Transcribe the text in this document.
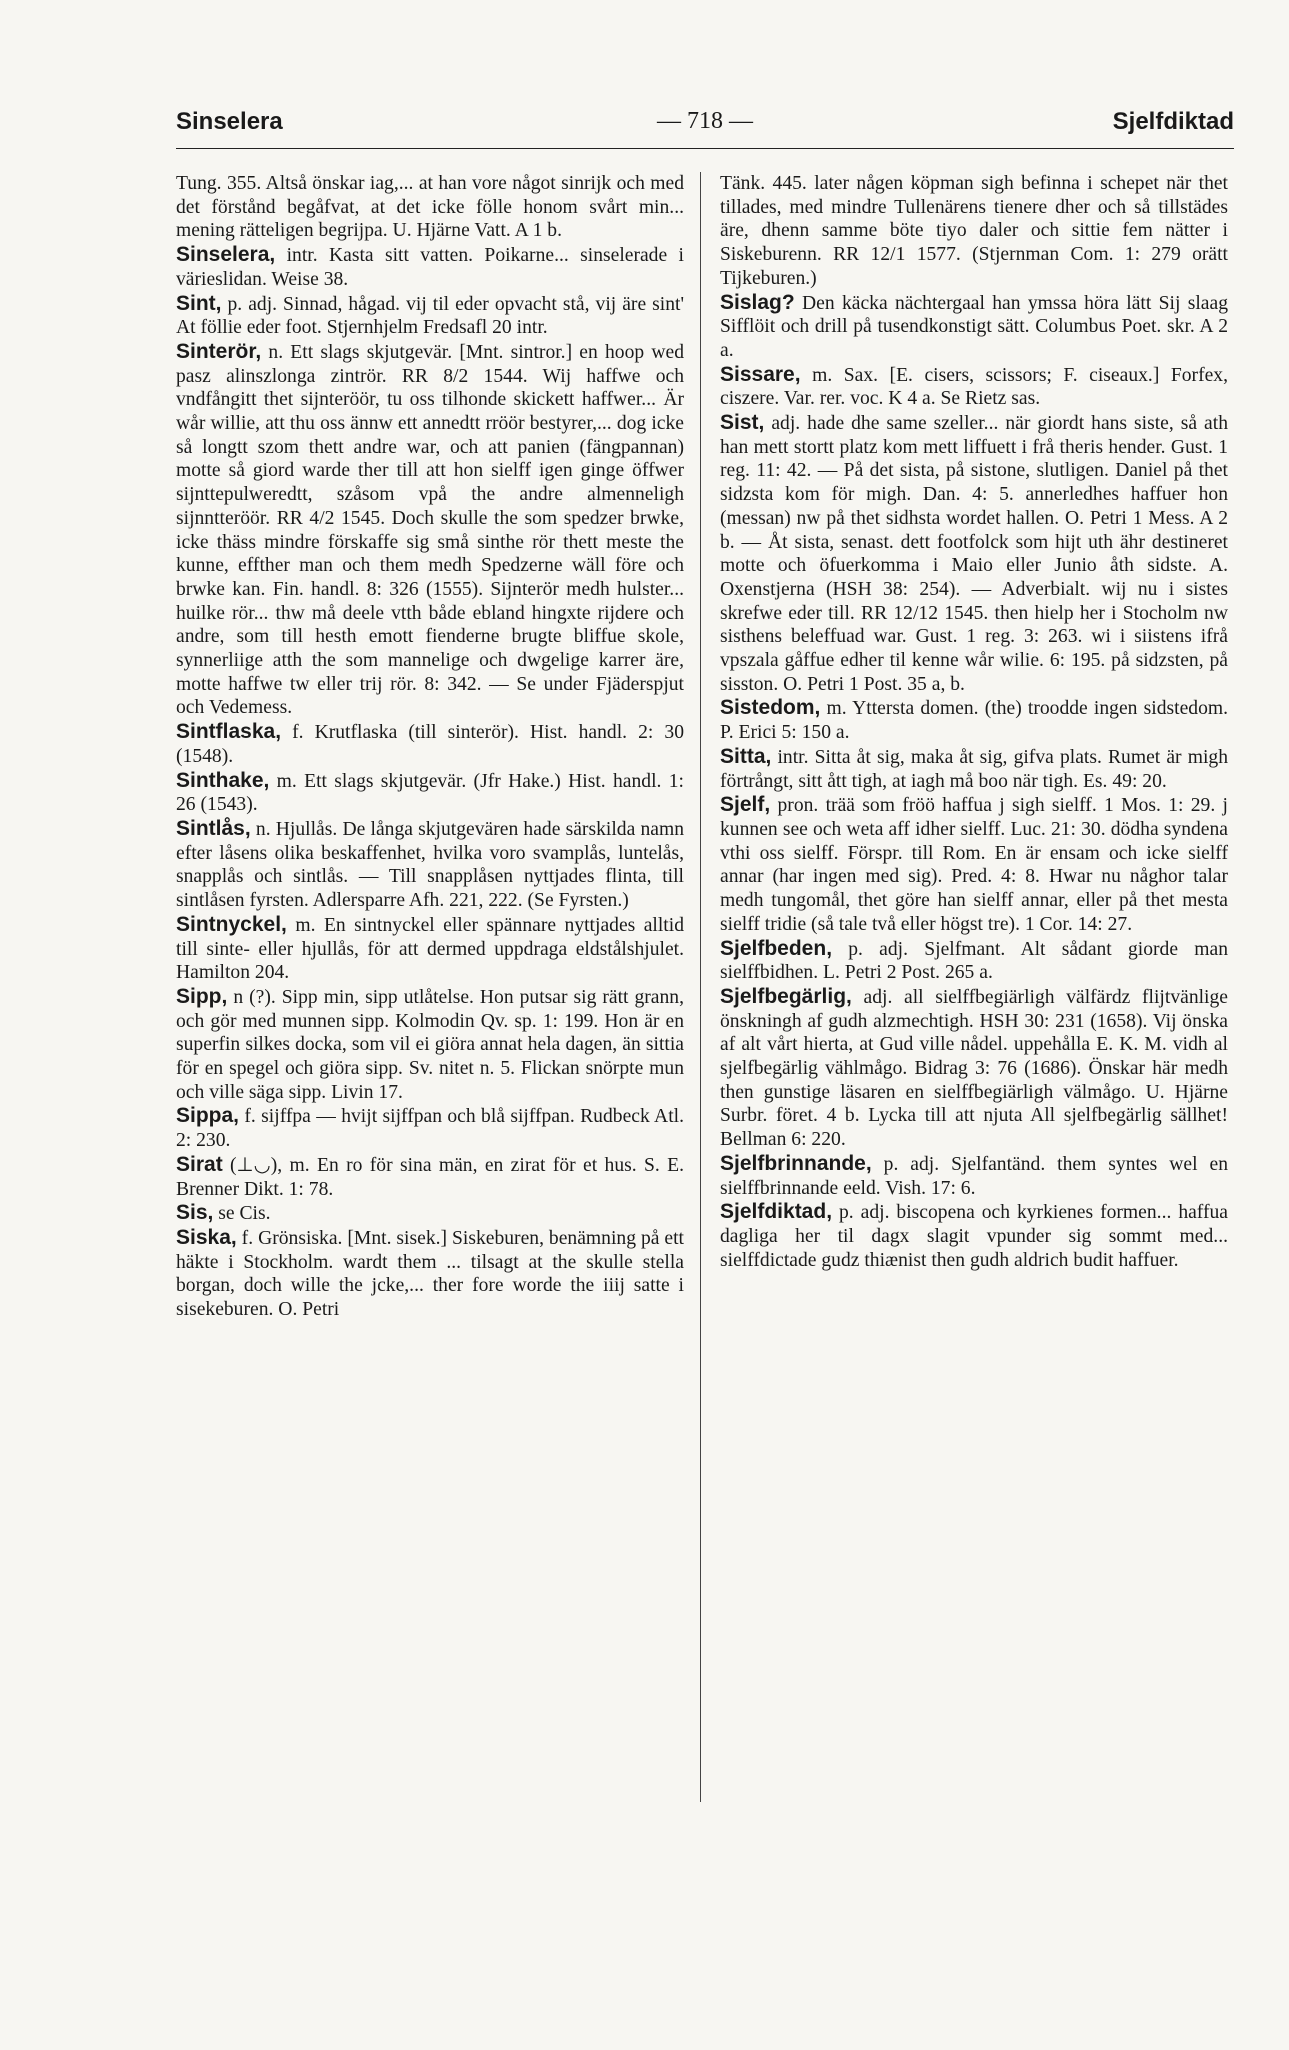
— 718 —
Sinselera	Sjelfdiktad

Tung. 355. Altså önskar iag,... at han vore något sinrijk och med det förstånd begåfvat, at det icke fölle honom svårt min... mening rätteligen begrijpa. U. Hjärne Vatt. A 1 b.

Sinselera, intr. Kasta sitt vatten. Poikarne... sinselerade i värieslidan. Weise 38.

Sint, p. adj. Sinnad, hågad. vij til eder opvacht stå, vij äre sint' At föllie eder foot. Stjernhjelm Fredsafl 20 intr.

Sinterör, n. Ett slags skjutgevär. [Mnt. sintror.] en hoop wed pasz alinszlonga zintrör. RR 8/2 1544. Wij haffwe och vndfångitt thet sijnteröör, tu oss tilhonde skickett haffwer... Är wår willie, att thu oss ännw ett annedtt rröör bestyrer,... dog icke så longtt szom thett andre war, och att panien (fängpannan) motte så giord warde ther till att hon sielff igen ginge öffwer sijnttepulweredtt, szåsom vpå the andre almenneligh sijnntteröör. RR 4/2 1545. Doch skulle the som spedzer brwke, icke thäss mindre förskaffe sig små sinthe rör thett meste the kunne, effther man och them medh Spedzerne wäll före och brwke kan. Fin. handl. 8: 326 (1555). Sijnterör medh hulster... huilke rör... thw må deele vtth både ebland hingxte rijdere och andre, som till hesth emott fienderne brugte bliffue skole, synnerliige atth the som mannelige och dwgelige karrer äre, motte haffwe tw eller trij rör. 8: 342. — Se under Fjäderspjut och Vedemess.

Sintflaska, f. Krutflaska (till sinterör). Hist. handl. 2: 30 (1548).

Sinthake, m. Ett slags skjutgevär. (Jfr Hake.) Hist. handl. 1: 26 (1543).

Sintlås, n. Hjullås. De långa skjutgevären hade särskilda namn efter låsens olika beskaffenhet, hvilka voro svamplås, luntelås, snapplås och sintlås. — Till snapplåsen nyttjades flinta, till sintlåsen fyrsten. Adlersparre Afh. 221, 222. (Se Fyrsten.)

Sintnyckel, m. En sintnyckel eller spännare nyttjades alltid till sinte- eller hjullås, för att dermed uppdraga eldstålshjulet. Hamilton 204.

Sipp, n (?). Sipp min, sipp utlåtelse. Hon putsar sig rätt grann, och gör med munnen sipp. Kolmodin Qv. sp. 1: 199. Hon är en superfin silkes docka, som vil ei giöra annat hela dagen, än sittia för en spegel och giöra sipp. Sv. nitet n. 5. Flickan snörpte mun och ville säga sipp. Livin 17.

Sippa, f. sijffpa — hvijt sijffpan och blå sijffpan. Rudbeck Atl. 2: 230.

Sirat (⊥◡), m. En ro för sina män, en zirat för et hus. S. E. Brenner Dikt. 1: 78.

Sis, se Cis.

Siska, f. Grönsiska. [Mnt. sisek.] Siskeburen, benämning på ett häkte i Stockholm. wardt them ... tilsagt at the skulle stella borgan, doch wille the jcke,... ther fore worde the iiij satte i sisekeburen. O. Petri

Tänk. 445. later någen köpman sigh befinna i schepet när thet tillades, med mindre Tullenärens tienere dher och så tillstädes äre, dhenn samme böte tiyo daler och sittie fem nätter i Siskeburenn. RR 12/1 1577. (Stjernman Com. 1: 279 orätt Tijkeburen.)

Sislag? Den käcka nächtergaal han ymssa höra lätt Sij slaag Sifflöit och drill på tusendkonstigt sätt. Columbus Poet. skr. A 2 a.

Sissare, m. Sax. [E. cisers, scissors; F. ciseaux.] Forfex, ciszere. Var. rer. voc. K 4 a. Se Rietz sas.

Sist, adj. hade dhe same szeller... när giordt hans siste, så ath han mett stortt platz kom mett liffuett i frå theris hender. Gust. 1 reg. 11: 42. — På det sista, på sistone, slutligen. Daniel på thet sidzsta kom för migh. Dan. 4: 5. annerledhes haffuer hon (messan) nw på thet sidhsta wordet hallen. O. Petri 1 Mess. A 2 b. — Åt sista, senast. dett footfolck som hijt uth ähr destineret motte och öfuerkomma i Maio eller Junio åth sidste. A. Oxenstjerna (HSH 38: 254). — Adverbialt. wij nu i sistes skrefwe eder till. RR 12/12 1545. then hielp her i Stocholm nw sisthens beleffuad war. Gust. 1 reg. 3: 263. wi i siistens ifrå vpszala gåffue edher til kenne wår wilie. 6: 195. på sidzsten, på sisston. O. Petri 1 Post. 35 a, b.

Sistedom, m. Yttersta domen. (the) troodde ingen sidstedom. P. Erici 5: 150 a.

Sitta, intr. Sitta åt sig, maka åt sig, gifva plats. Rumet är migh förtrångt, sitt ått tigh, at iagh må boo när tigh. Es. 49: 20.

Sjelf, pron. trää som fröö haffua j sigh sielff. 1 Mos. 1: 29. j kunnen see och weta aff idher sielff. Luc. 21: 30. dödha syndena vthi oss sielff. Förspr. till Rom. En är ensam och icke sielff annar (har ingen med sig). Pred. 4: 8. Hwar nu någhor talar medh tungomål, thet göre han sielff annar, eller på thet mesta sielff tridie (så tale två eller högst tre). 1 Cor. 14: 27.

Sjelfbeden, p. adj. Sjelfmant. Alt sådant giorde man sielffbidhen. L. Petri 2 Post. 265 a.

Sjelfbegärlig, adj. all sielffbegiärligh välfärdz flijtvänlige önskningh af gudh alzmechtigh. HSH 30: 231 (1658). Vij önska af alt vårt hierta, at Gud ville nådel. uppehålla E. K. M. vidh al sjelfbegärlig vählmågo. Bidrag 3: 76 (1686). Önskar här medh then gunstige läsaren en sielffbegiärligh välmågo. U. Hjärne Surbr. föret. 4 b. Lycka till att njuta All sjelfbegärlig sällhet! Bellman 6: 220.

Sjelfbrinnande, p. adj. Sjelfantänd. them syntes wel en sielffbrinnande eeld. Vish. 17: 6.

Sjelfdiktad, p. adj. biscopena och kyrkienes formen... haffua dagliga her til dagx slagit vpunder sig sommt med... sielffdictade gudz thiænist then gudh aldrich budit haffuer.
